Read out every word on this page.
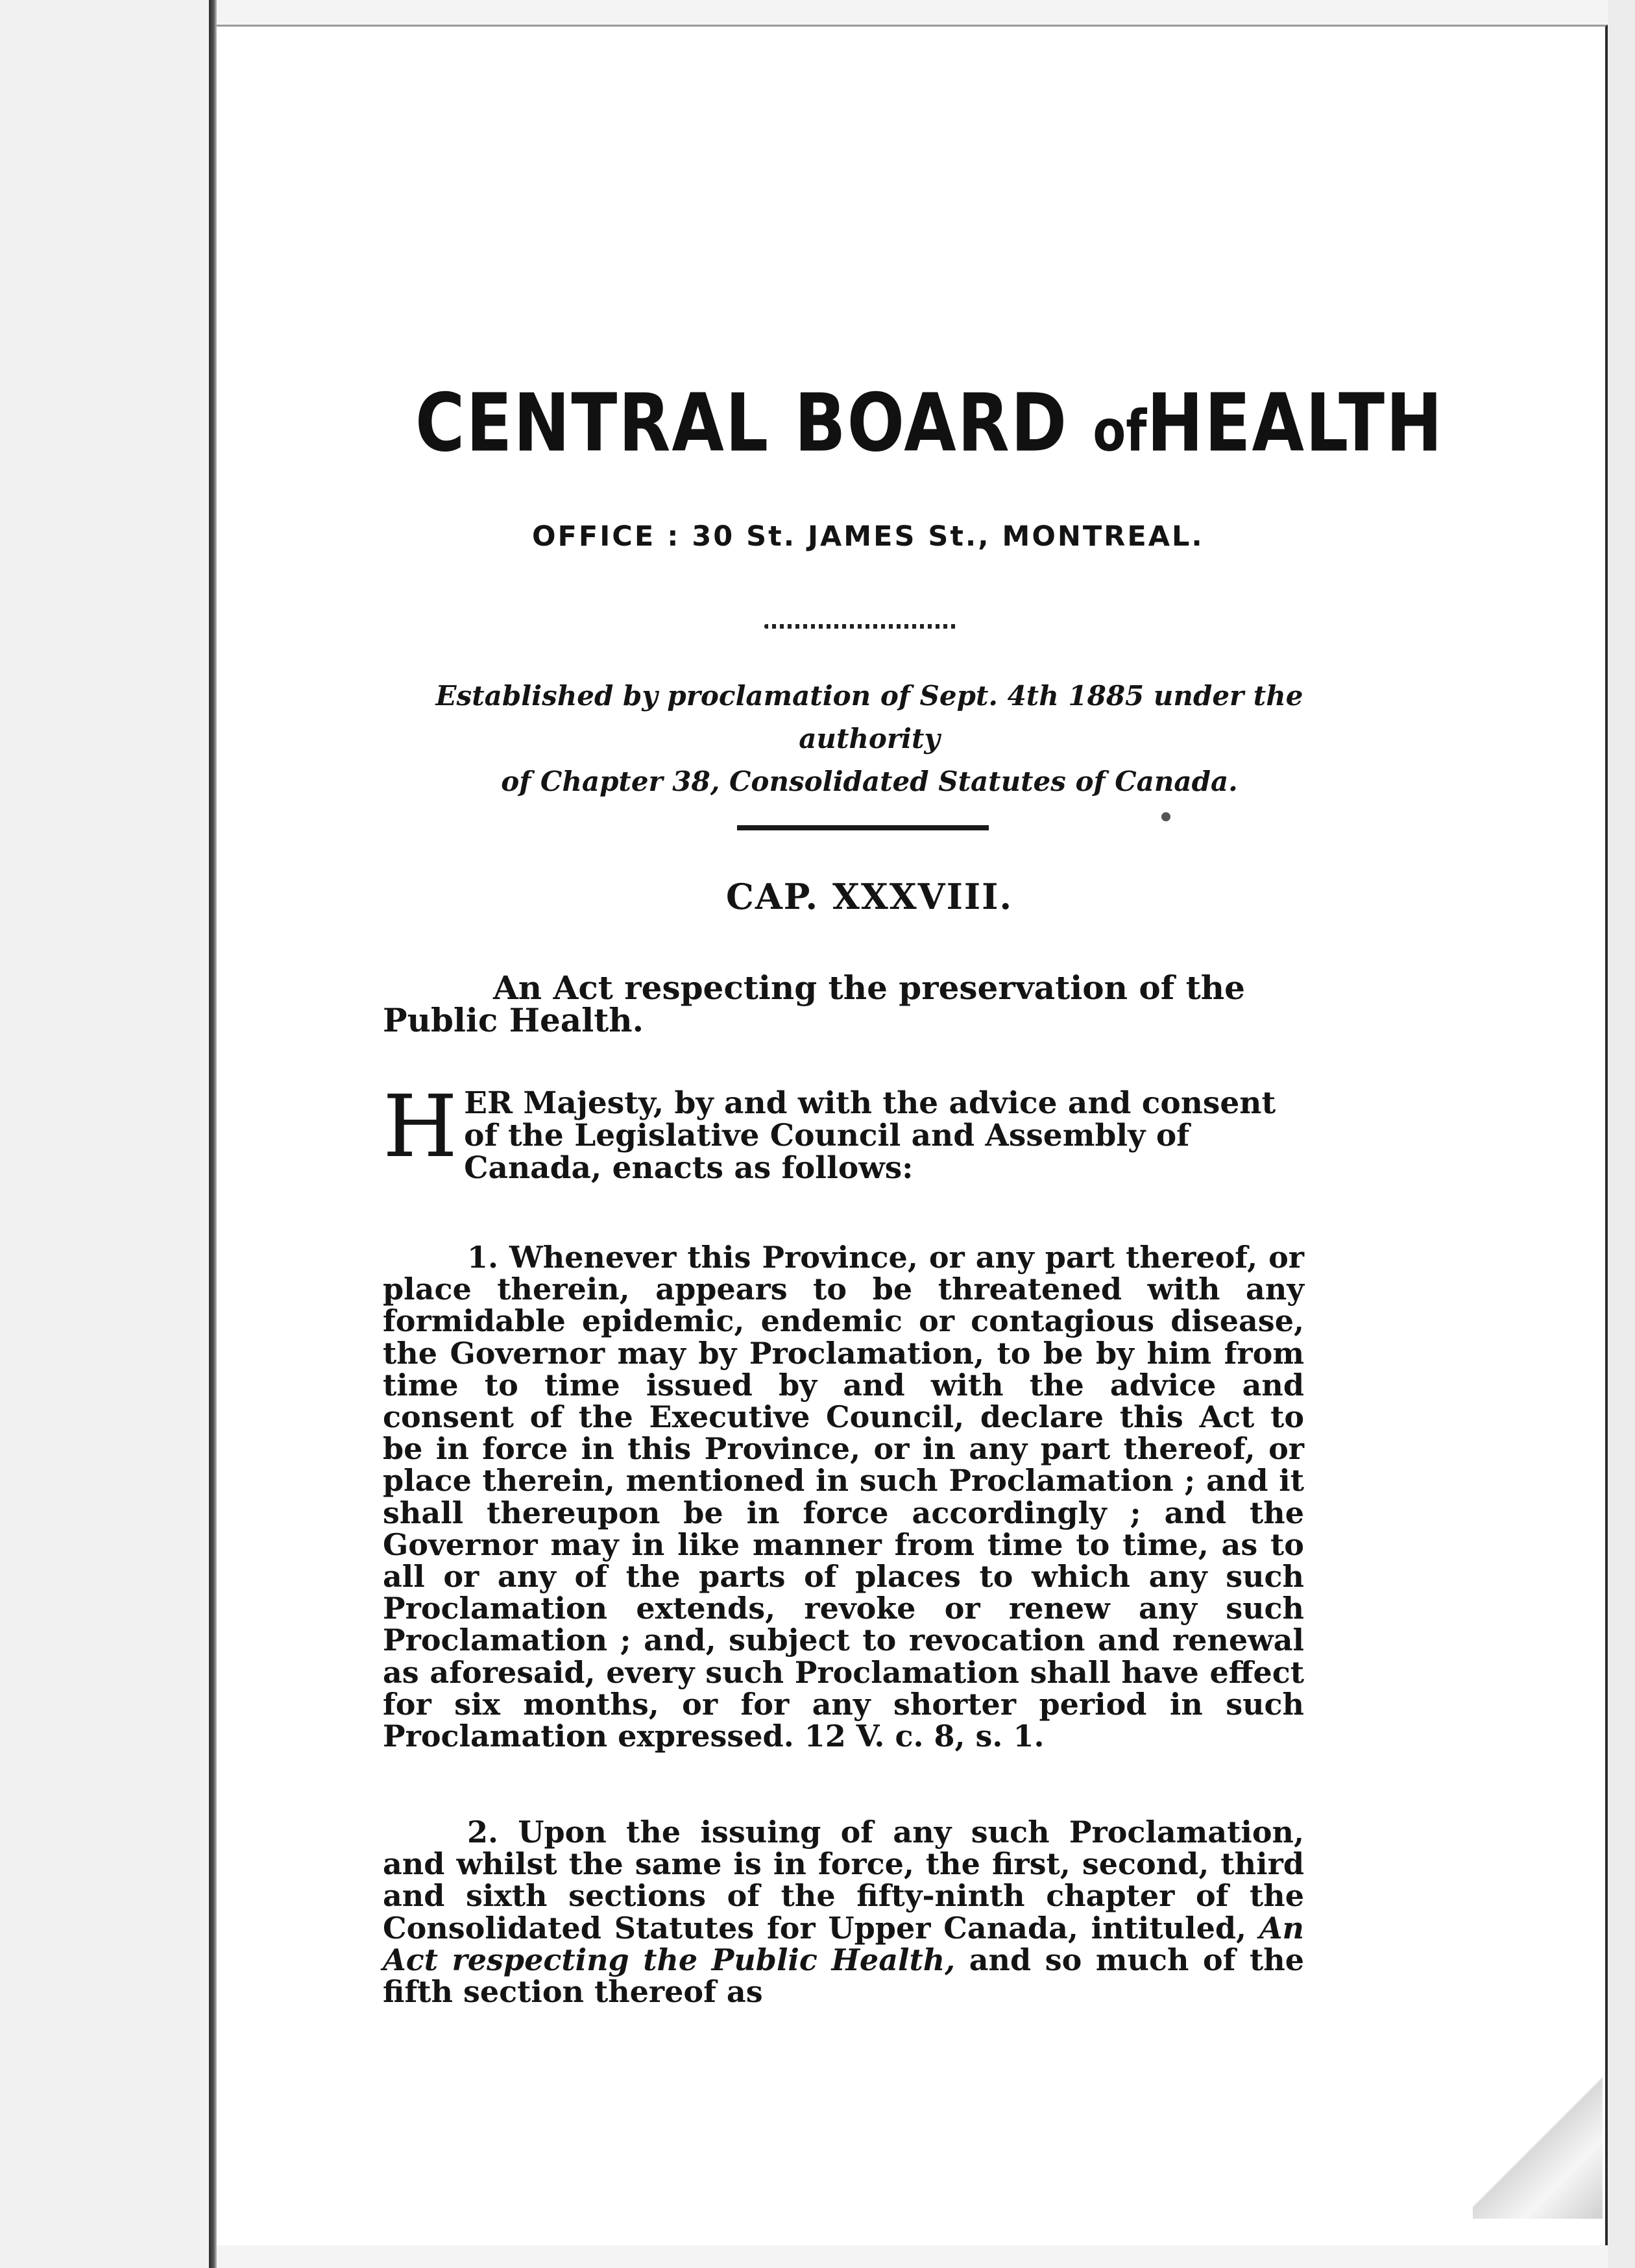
CENTRAL BOARD ofHEALTH
OFFICE : 30 St. JAMES St., MONTREAL.
Established by proclamation of Sept. 4th 1885 under the authority
of Chapter 38, Consolidated Statutes of Canada.
CAP. XXXVIII.
An Act respecting the preservation of the Public Health.
HER Majesty, by and with the advice and consent of the Legislative Council and Assembly of Canada, enacts as follows:
1. Whenever this Province, or any part thereof, or place therein, appears to be threatened with any formidable epidemic, endemic or contagious disease, the Governor may by Proclamation, to be by him from time to time issued by and with the advice and consent of the Executive Council, declare this Act to be in force in this Province, or in any part thereof, or place therein, mentioned in such Proclamation ; and it shall thereupon be in force accordingly ; and the Governor may in like manner from time to time, as to all or any of the parts of places to which any such Proclamation extends, revoke or renew any such Proclamation ; and, subject to revocation and renewal as aforesaid, every such Proclamation shall have effect for six months, or for any shorter period in such Proclamation expressed. 12 V. c. 8, s. 1.
2. Upon the issuing of any such Proclamation, and whilst the same is in force, the first, second, third and sixth sections of the fifty-ninth chapter of the Consolidated Statutes for Upper Canada, intituled, An Act respecting the Public Health, and so much of the fifth section thereof as
